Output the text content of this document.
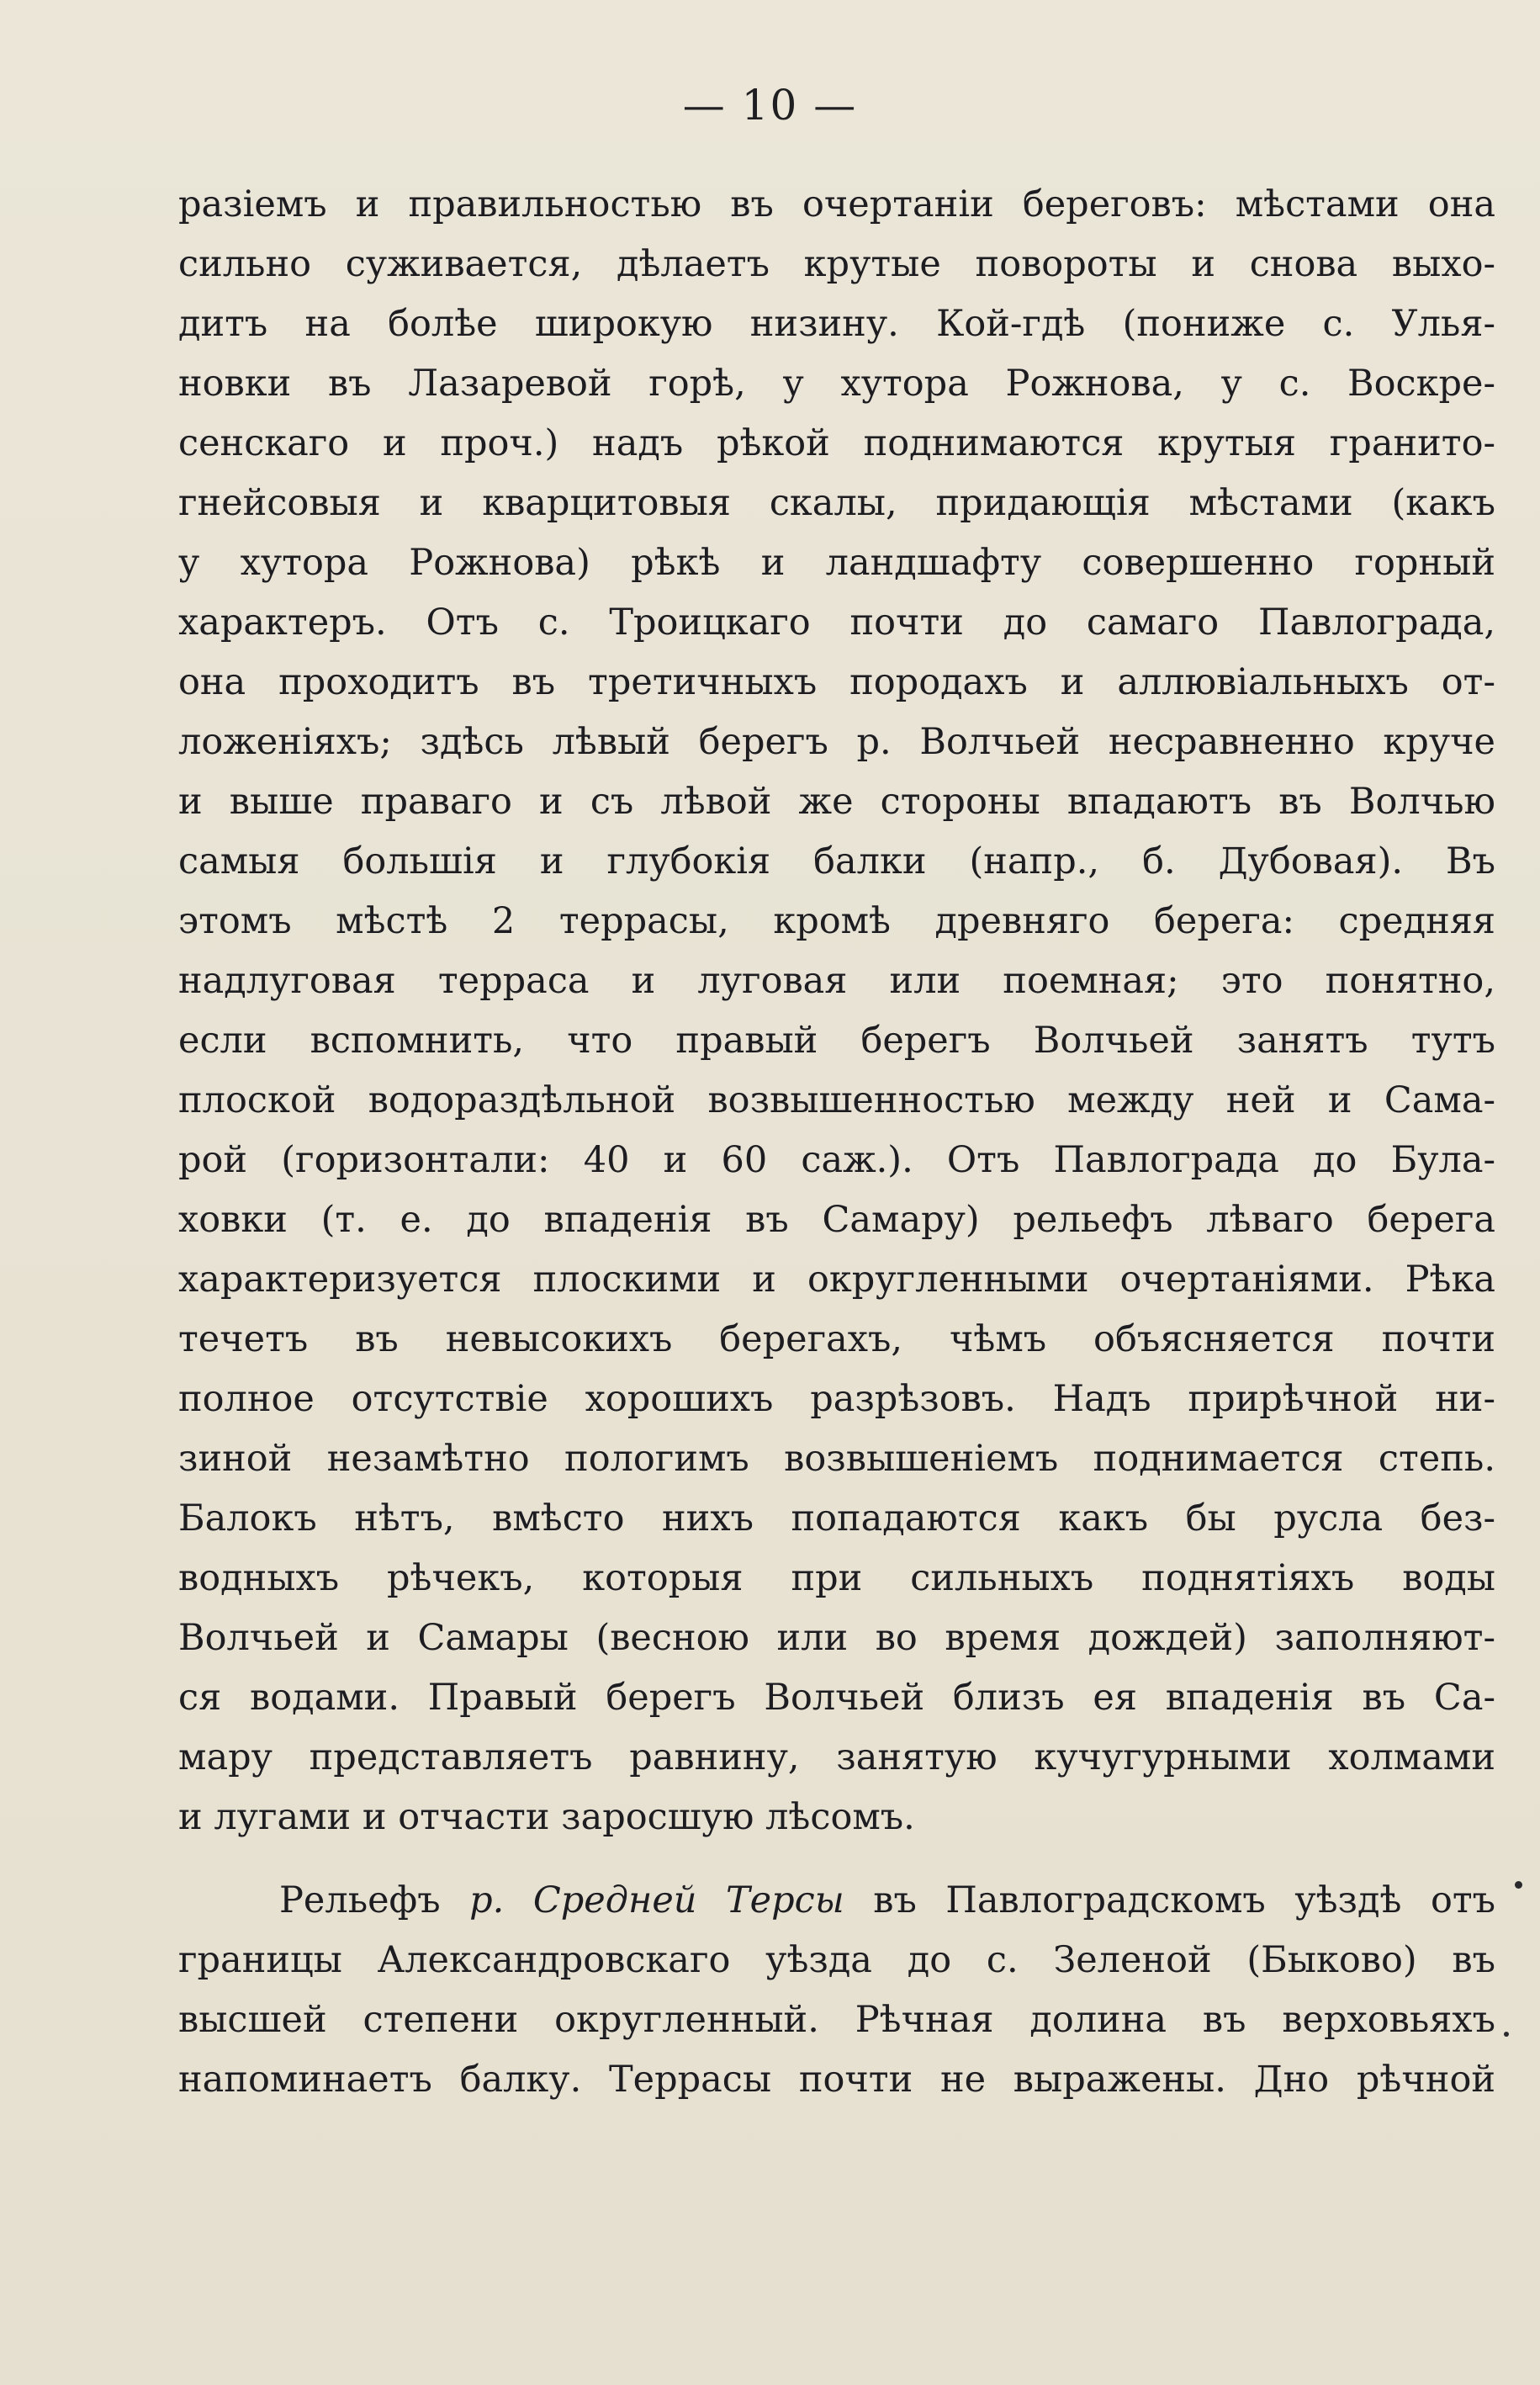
— 10 —
разіемъ и правильностью въ очертаніи береговъ: мѣстами она
сильно суживается, дѣлаетъ крутые повороты и снова выхо-
дитъ на болѣе широкую низину. Кой-гдѣ (пониже с. Улья-
новки въ Лазаревой горѣ, у хутора Рожнова, у с. Воскре-
сенскаго и проч.) надъ рѣкой поднимаются крутыя гранито-
гнейсовыя и кварцитовыя скалы, придающія мѣстами (какъ
у хутора Рожнова) рѣкѣ и ландшафту совершенно горный
характеръ. Отъ с. Троицкаго почти до самаго Павлограда,
она проходитъ въ третичныхъ породахъ и аллювіальныхъ от-
ложеніяхъ; здѣсь лѣвый берегъ р. Волчьей несравненно круче
и выше праваго и съ лѣвой же стороны впадаютъ въ Волчью
самыя большія и глубокія балки (напр., б. Дубовая). Въ
этомъ мѣстѣ 2 террасы, кромѣ древняго берега: средняя
надлуговая терраса и луговая или поемная; это понятно,
если вспомнить, что правый берегъ Волчьей занятъ тутъ
плоской водораздѣльной возвышенностью между ней и Сама-
рой (горизонтали: 40 и 60 саж.). Отъ Павлограда до Була-
ховки (т. е. до впаденія въ Самару) рельефъ лѣваго берега
характеризуется плоскими и округленными очертаніями. Рѣка
течетъ въ невысокихъ берегахъ, чѣмъ объясняется почти
полное отсутствіе хорошихъ разрѣзовъ. Надъ прирѣчной ни-
зиной незамѣтно пологимъ возвышеніемъ поднимается степь.
Балокъ нѣтъ, вмѣсто нихъ попадаются какъ бы русла без-
водныхъ рѣчекъ, которыя при сильныхъ поднятіяхъ воды
Волчьей и Самары (весною или во время дождей) заполняют-
ся водами. Правый берегъ Волчьей близъ ея впаденія въ Са-
мару представляетъ равнину, занятую кучугурными холмами
и лугами и отчасти заросшую лѣсомъ.
Рельефъ р. Средней Терсы въ Павлоградскомъ уѣздѣ отъ
границы Александровскаго уѣзда до с. Зеленой (Быково) въ
высшей степени округленный. Рѣчная долина въ верховьяхъ
напоминаетъ балку. Террасы почти не выражены. Дно рѣчной
